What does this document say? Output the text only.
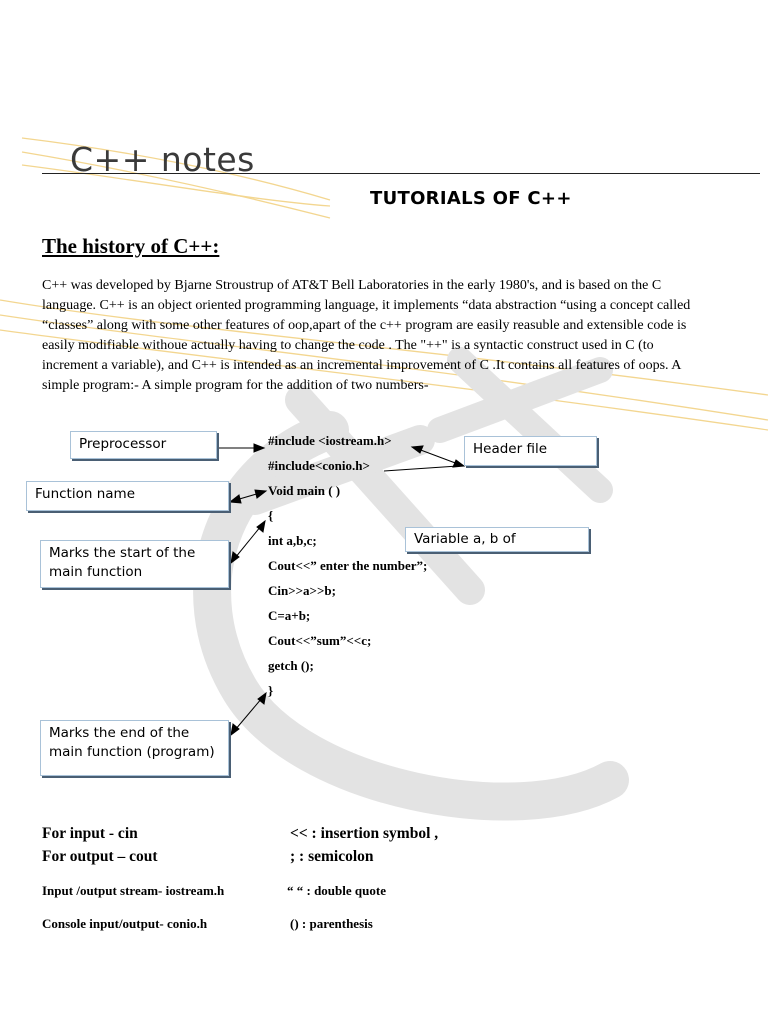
C++ notes
TUTORIALS OF C++
The history of C++:
C++ was developed by Bjarne Stroustrup of AT&T Bell Laboratories in the early 1980's, and is based on the C
language. C++ is an object oriented programming language, it implements “data abstraction “using a concept called
“classes” along with some other features of oop,apart of the c++ program are easily reasuble and extensible code is
easily modifiable withoue actually having to change the code . The "++" is a syntactic construct used in C (to
increment a variable), and C++ is intended as an incremental improvement of C .It contains all features of oops. A
simple program:- A simple program for the addition of two numbers-
Preprocessor	Header file
Function name
Variable a, b of
Marks the start of the main function
Marks the end of the main function (program)
#include <iostream.h>
#include<conio.h>
Void main ( )
{
int a,b,c;
Cout<<” enter the number”;
Cin>>a>>b;
C=a+b;
Cout<<”sum”<<c;
getch ();
}
For input - cin
For output – cout
Input /output stream- iostream.h
Console input/output- conio.h
<< : insertion symbol ,
; : semicolon
“ “ : double quote
() : parenthesis
